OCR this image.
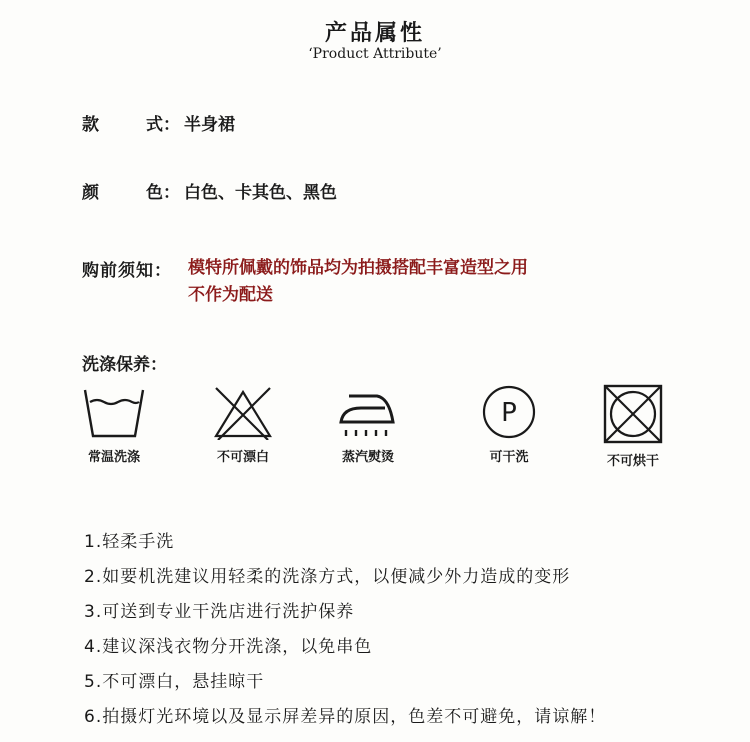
产品属性
‘Product Attribute’
款	式： 半身裙
颜	色： 白色、卡其色、黑色
购前须知： 模特所佩戴的饰品均为拍摄搭配丰富造型之用
不作为配送
洗涤保养：
常温洗涤	不可漂白	蒸汽熨烫
P
可干洗	不可烘干
1.轻柔手洗
2.如要机洗建议用轻柔的洗涤方式，以便减少外力造成的变形
3.可送到专业干洗店进行洗护保养
4.建议深浅衣物分开洗涤，以免串色
5.不可漂白，悬挂晾干
6.拍摄灯光环境以及显示屏差异的原因，色差不可避免，请谅解！
